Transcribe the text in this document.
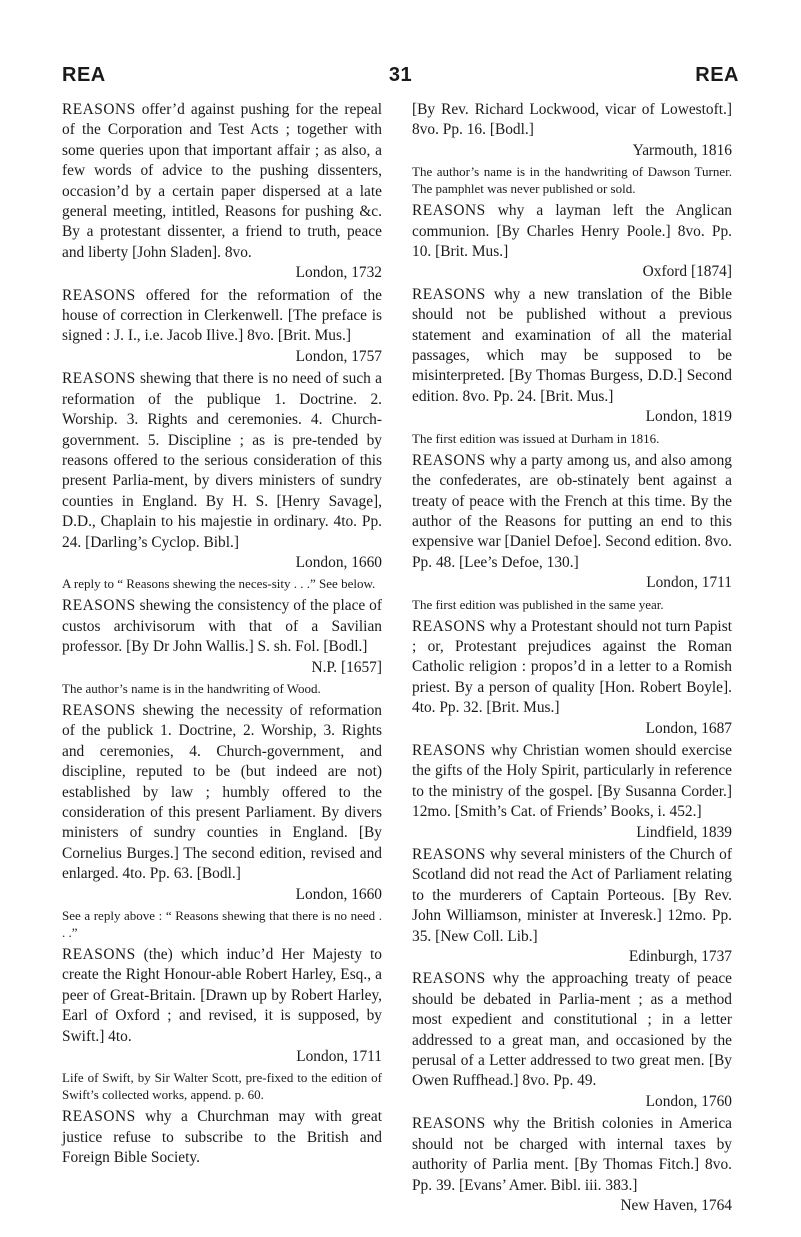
REA	31	REA
REASONS offer’d against pushing for the repeal of the Corporation and Test Acts ; together with some queries upon that important affair ; as also, a few words of advice to the pushing dissenters, occasion’d by a certain paper dispersed at a late general meeting, intitled, Reasons for pushing &c. By a protestant dissenter, a friend to truth, peace and liberty [John Sladen]. 8vo.
London, 1732
REASONS offered for the reformation of the house of correction in Clerkenwell. [The preface is signed : J. I., i.e. Jacob Ilive.] 8vo. [Brit. Mus.]
London, 1757
REASONS shewing that there is no need of such a reformation of the publique 1. Doctrine. 2. Worship. 3. Rights and ceremonies. 4. Church-government. 5. Discipline ; as is pre-tended by reasons offered to the serious consideration of this present Parlia-ment, by divers ministers of sundry counties in England. By H. S. [Henry Savage], D.D., Chaplain to his majestie in ordinary. 4to. Pp. 24. [Darling’s Cyclop. Bibl.]
London, 1660
A reply to “ Reasons shewing the neces-sity . . .” See below.
REASONS shewing the consistency of the place of custos archivisorum with that of a Savilian professor. [By Dr John Wallis.] S. sh. Fol. [Bodl.]
N.P. [1657]
The author’s name is in the handwriting of Wood.
REASONS shewing the necessity of reformation of the publick 1. Doctrine, 2. Worship, 3. Rights and ceremonies, 4. Church-government, and discipline, reputed to be (but indeed are not) established by law ; humbly offered to the consideration of this present Parliament. By divers ministers of sundry counties in England. [By Cornelius Burges.] The second edition, revised and enlarged. 4to. Pp. 63. [Bodl.]
London, 1660
See a reply above : “ Reasons shewing that there is no need . . .”
REASONS (the) which induc’d Her Majesty to create the Right Honour-able Robert Harley, Esq., a peer of Great-Britain. [Drawn up by Robert Harley, Earl of Oxford ; and revised, it is supposed, by Swift.] 4to.
London, 1711
Life of Swift, by Sir Walter Scott, pre-fixed to the edition of Swift’s collected works, append. p. 60.
REASONS why a Churchman may with great justice refuse to subscribe to the British and Foreign Bible Society.
[By Rev. Richard Lockwood, vicar of Lowestoft.] 8vo. Pp. 16. [Bodl.]
Yarmouth, 1816
The author’s name is in the handwriting of Dawson Turner. The pamphlet was never published or sold.
REASONS why a layman left the Anglican communion. [By Charles Henry Poole.] 8vo. Pp. 10. [Brit. Mus.]
Oxford [1874]
REASONS why a new translation of the Bible should not be published without a previous statement and examination of all the material passages, which may be supposed to be misinterpreted. [By Thomas Burgess, D.D.] Second edition. 8vo. Pp. 24. [Brit. Mus.]
London, 1819
The first edition was issued at Durham in 1816.
REASONS why a party among us, and also among the confederates, are ob-stinately bent against a treaty of peace with the French at this time. By the author of the Reasons for putting an end to this expensive war [Daniel Defoe]. Second edition. 8vo. Pp. 48. [Lee’s Defoe, 130.]
London, 1711
The first edition was published in the same year.
REASONS why a Protestant should not turn Papist ; or, Protestant prejudices against the Roman Catholic religion : propos’d in a letter to a Romish priest. By a person of quality [Hon. Robert Boyle]. 4to. Pp. 32. [Brit. Mus.]
London, 1687
REASONS why Christian women should exercise the gifts of the Holy Spirit, particularly in reference to the ministry of the gospel. [By Susanna Corder.] 12mo. [Smith’s Cat. of Friends’ Books, i. 452.]
Lindfield, 1839
REASONS why several ministers of the Church of Scotland did not read the Act of Parliament relating to the murderers of Captain Porteous. [By Rev. John Williamson, minister at Inveresk.] 12mo. Pp. 35. [New Coll. Lib.]
Edinburgh, 1737
REASONS why the approaching treaty of peace should be debated in Parlia-ment ; as a method most expedient and constitutional ; in a letter addressed to a great man, and occasioned by the perusal of a Letter addressed to two great men. [By Owen Ruffhead.] 8vo. Pp. 49.
London, 1760
REASONS why the British colonies in America should not be charged with internal taxes by authority of Parlia ment. [By Thomas Fitch.] 8vo. Pp. 39. [Evans’ Amer. Bibl. iii. 383.]
New Haven, 1764
